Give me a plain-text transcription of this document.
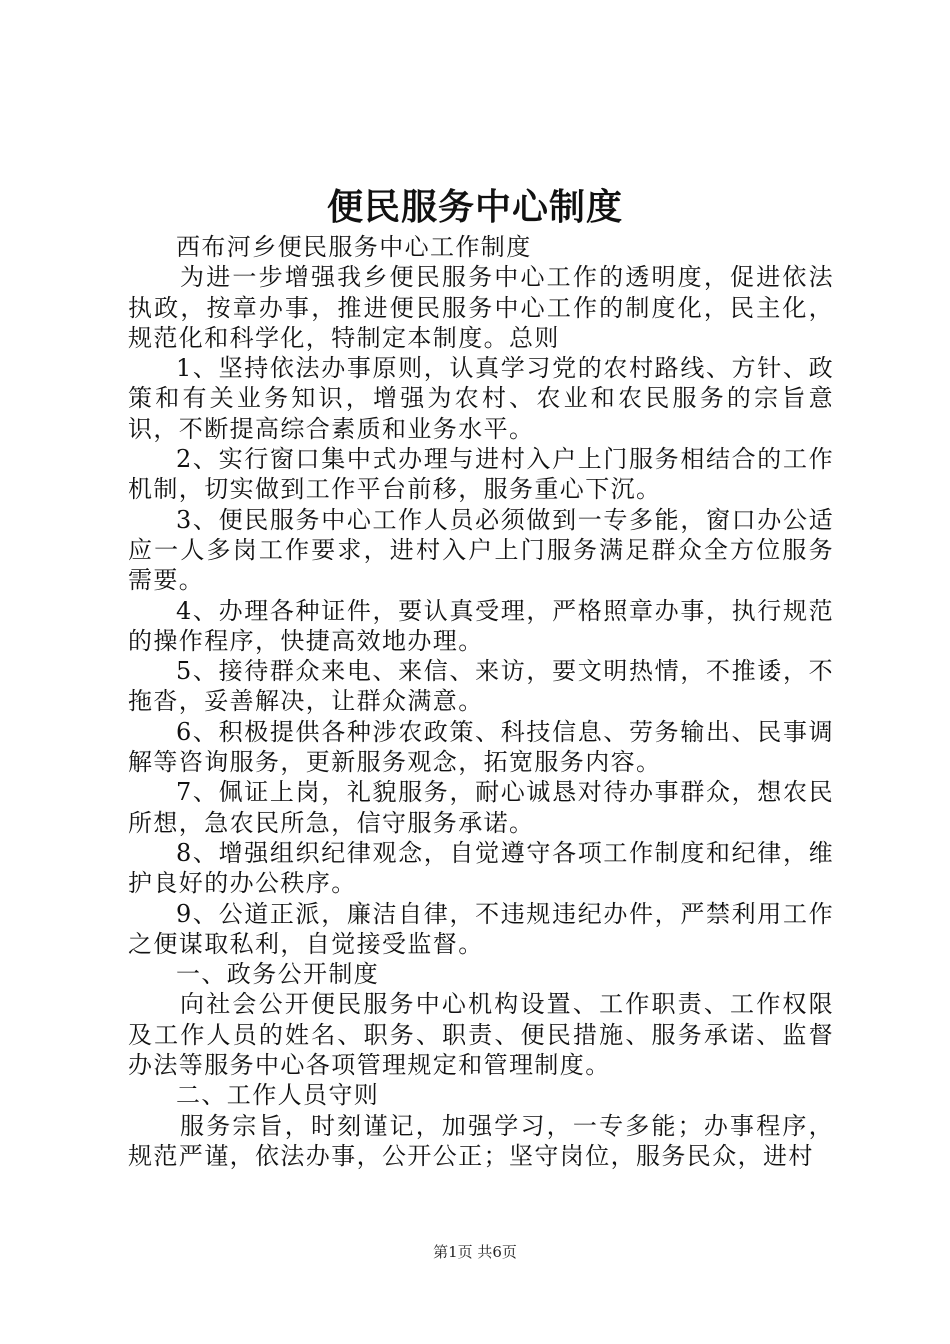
便民服务中心制度

西布河乡便民服务中心工作制度

为进一步增强我乡便民服务中心工作的透明度，促进依法执政，按章办事，推进便民服务中心工作的制度化，民主化，规范化和科学化，特制定本制度。总则

1、坚持依法办事原则，认真学习党的农村路线、方针、政策和有关业务知识，增强为农村、农业和农民服务的宗旨意识，不断提高综合素质和业务水平。

2、实行窗口集中式办理与进村入户上门服务相结合的工作机制，切实做到工作平台前移，服务重心下沉。

3、便民服务中心工作人员必须做到一专多能，窗口办公适应一人多岗工作要求，进村入户上门服务满足群众全方位服务需要。

4、办理各种证件，要认真受理，严格照章办事，执行规范的操作程序，快捷高效地办理。

5、接待群众来电、来信、来访，要文明热情，不推诿，不拖沓，妥善解决，让群众满意。

6、积极提供各种涉农政策、科技信息、劳务输出、民事调解等咨询服务，更新服务观念，拓宽服务内容。

7、佩证上岗，礼貌服务，耐心诚恳对待办事群众，想农民所想，急农民所急，信守服务承诺。

8、增强组织纪律观念，自觉遵守各项工作制度和纪律，维护良好的办公秩序。

9、公道正派，廉洁自律，不违规违纪办件，严禁利用工作之便谋取私利，自觉接受监督。

一、政务公开制度

向社会公开便民服务中心机构设置、工作职责、工作权限及工作人员的姓名、职务、职责、便民措施、服务承诺、监督办法等服务中心各项管理规定和管理制度。

二、工作人员守则

服务宗旨，时刻谨记，加强学习，一专多能；办事程序，规范严谨，依法办事，公开公正；坚守岗位，服务民众，进村

第1页 共6页
